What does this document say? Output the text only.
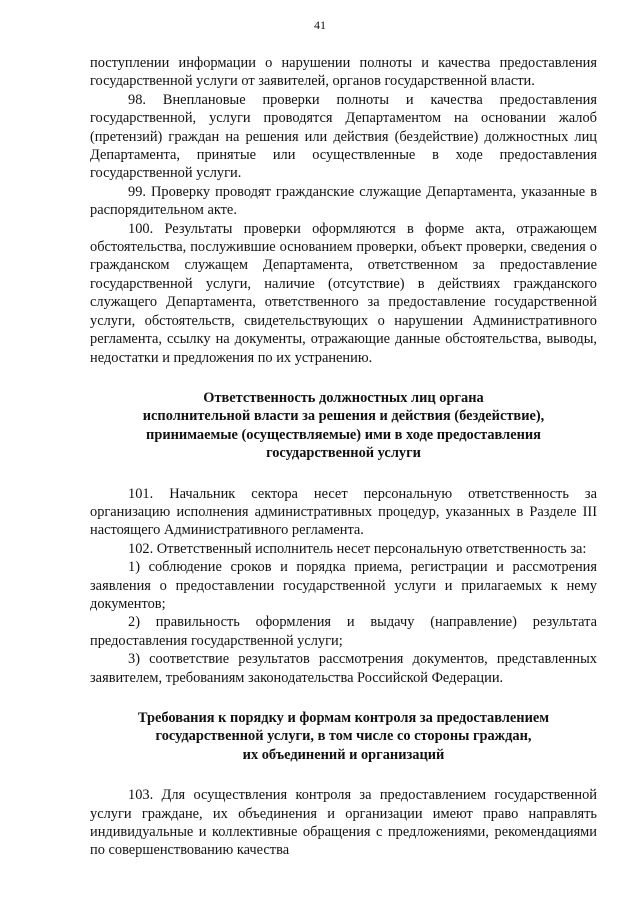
41

поступлении информации о нарушении полноты и качества предоставления государственной услуги от заявителей, органов государственной власти.

98. Внеплановые проверки полноты и качества предоставления государственной, услуги проводятся Департаментом на основании жалоб (претензий) граждан на решения или действия (бездействие) должностных лиц Департамента, принятые или осуществленные в ходе предоставления государственной услуги.

99. Проверку проводят гражданские служащие Департамента, указанные в распорядительном акте.

100. Результаты проверки оформляются в форме акта, отражающем обстоятельства, послужившие основанием проверки, объект проверки, сведения о гражданском служащем Департамента, ответственном за предоставление государственной услуги, наличие (отсутствие) в действиях гражданского служащего Департамента, ответственного за предоставление государственной услуги, обстоятельств, свидетельствующих о нарушении Административного регламента, ссылку на документы, отражающие данные обстоятельства, выводы, недостатки и предложения по их устранению.

Ответственность должностных лиц органа
исполнительной власти за решения и действия (бездействие),
принимаемые (осуществляемые) ими в ходе предоставления
государственной услуги

101. Начальник сектора несет персональную ответственность за организацию исполнения административных процедур, указанных в Разделе III настоящего Административного регламента.

102. Ответственный исполнитель несет персональную ответственность за:

1) соблюдение сроков и порядка приема, регистрации и рассмотрения заявления о предоставлении государственной услуги и прилагаемых к нему документов;

2) правильность оформления и выдачу (направление) результата предоставления государственной услуги;

3) соответствие результатов рассмотрения документов, представленных заявителем, требованиям законодательства Российской Федерации.

Требования к порядку и формам контроля за предоставлением
государственной услуги, в том числе со стороны граждан,
их объединений и организаций

103. Для осуществления контроля за предоставлением государственной услуги граждане, их объединения и организации имеют право направлять индивидуальные и коллективные обращения с предложениями, рекомендациями по совершенствованию качества
